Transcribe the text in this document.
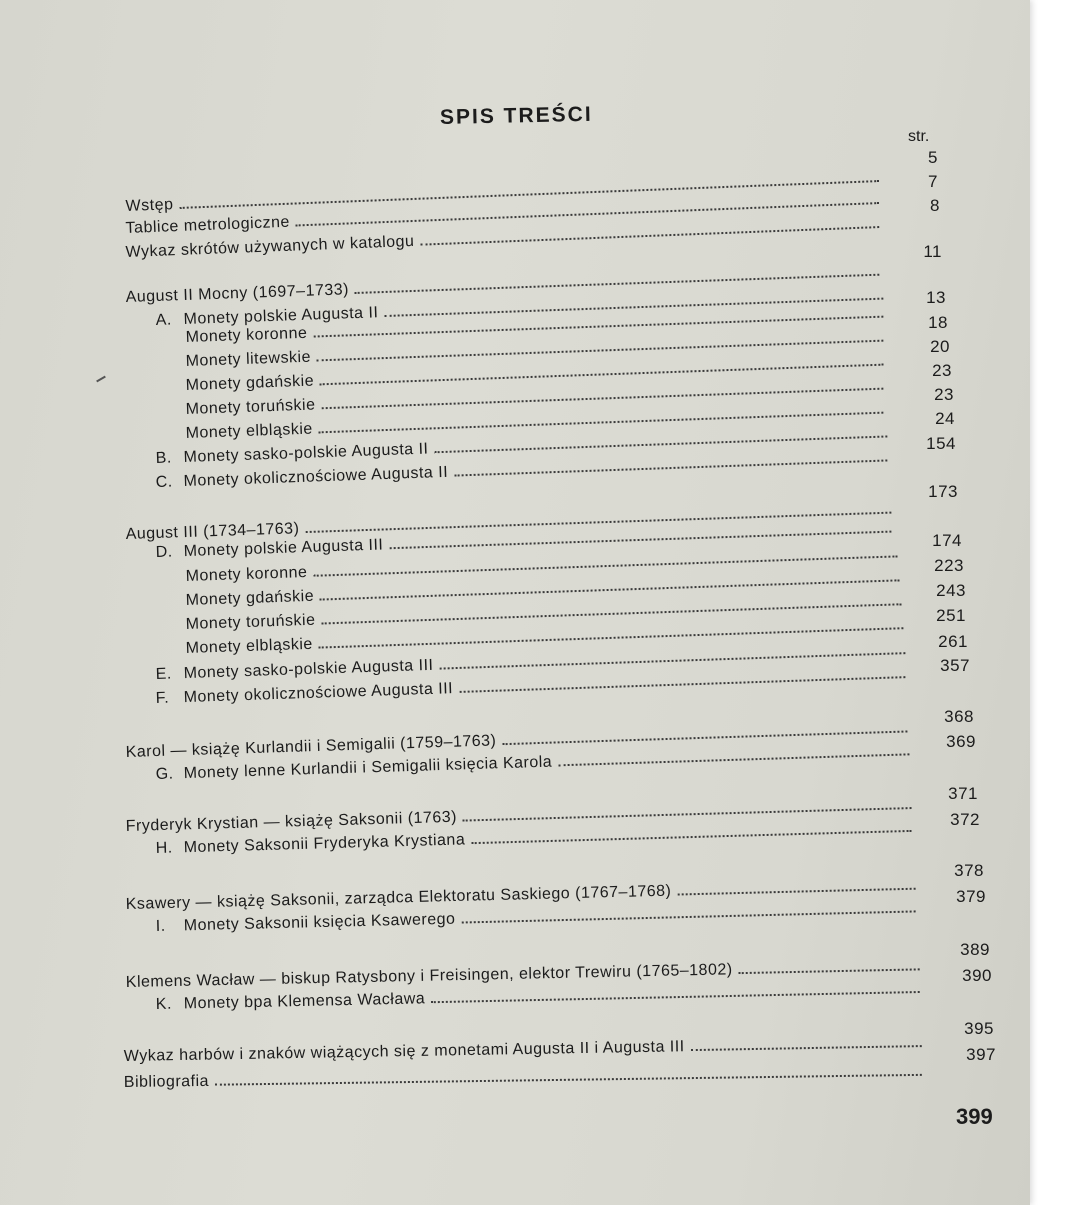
SPIS TREŚCI
str.
Wstęp
Tablice metrologiczne
Wykaz skrótów używanych w katalogu
August II Mocny (1697–1733)
A. Monety polskie Augusta II
Monety koronne
Monety litewskie
Monety gdańskie
Monety toruńskie
Monety elbląskie
B. Monety sasko-polskie Augusta II
C. Monety okolicznościowe Augusta II
August III (1734–1763)
D. Monety polskie Augusta III
Monety koronne
Monety gdańskie
Monety toruńskie
Monety elbląskie
E. Monety sasko-polskie Augusta III
F. Monety okolicznościowe Augusta III
Karol — książę Kurlandii i Semigalii (1759–1763)
G. Monety lenne Kurlandii i Semigalii księcia Karola
Fryderyk Krystian — książę Saksonii (1763)
H. Monety Saksonii Fryderyka Krystiana
Ksawery — książę Saksonii, zarządca Elektoratu Saskiego (1767–1768)
I.	Monety Saksonii księcia Ksawerego
Klemens Wacław — biskup Ratysbony i Freisingen, elektor Trewiru (1765–1802)
K. Monety bpa Klemensa Wacława
Wykaz harbów i znaków wiążących się z monetami Augusta II i Augusta III
Bibliografia
5
7
8
11
13
18
20
23
23
24
154
173
174
223
243
251
261
357
368
369
371
372
378
379
389
390
395
397
399
